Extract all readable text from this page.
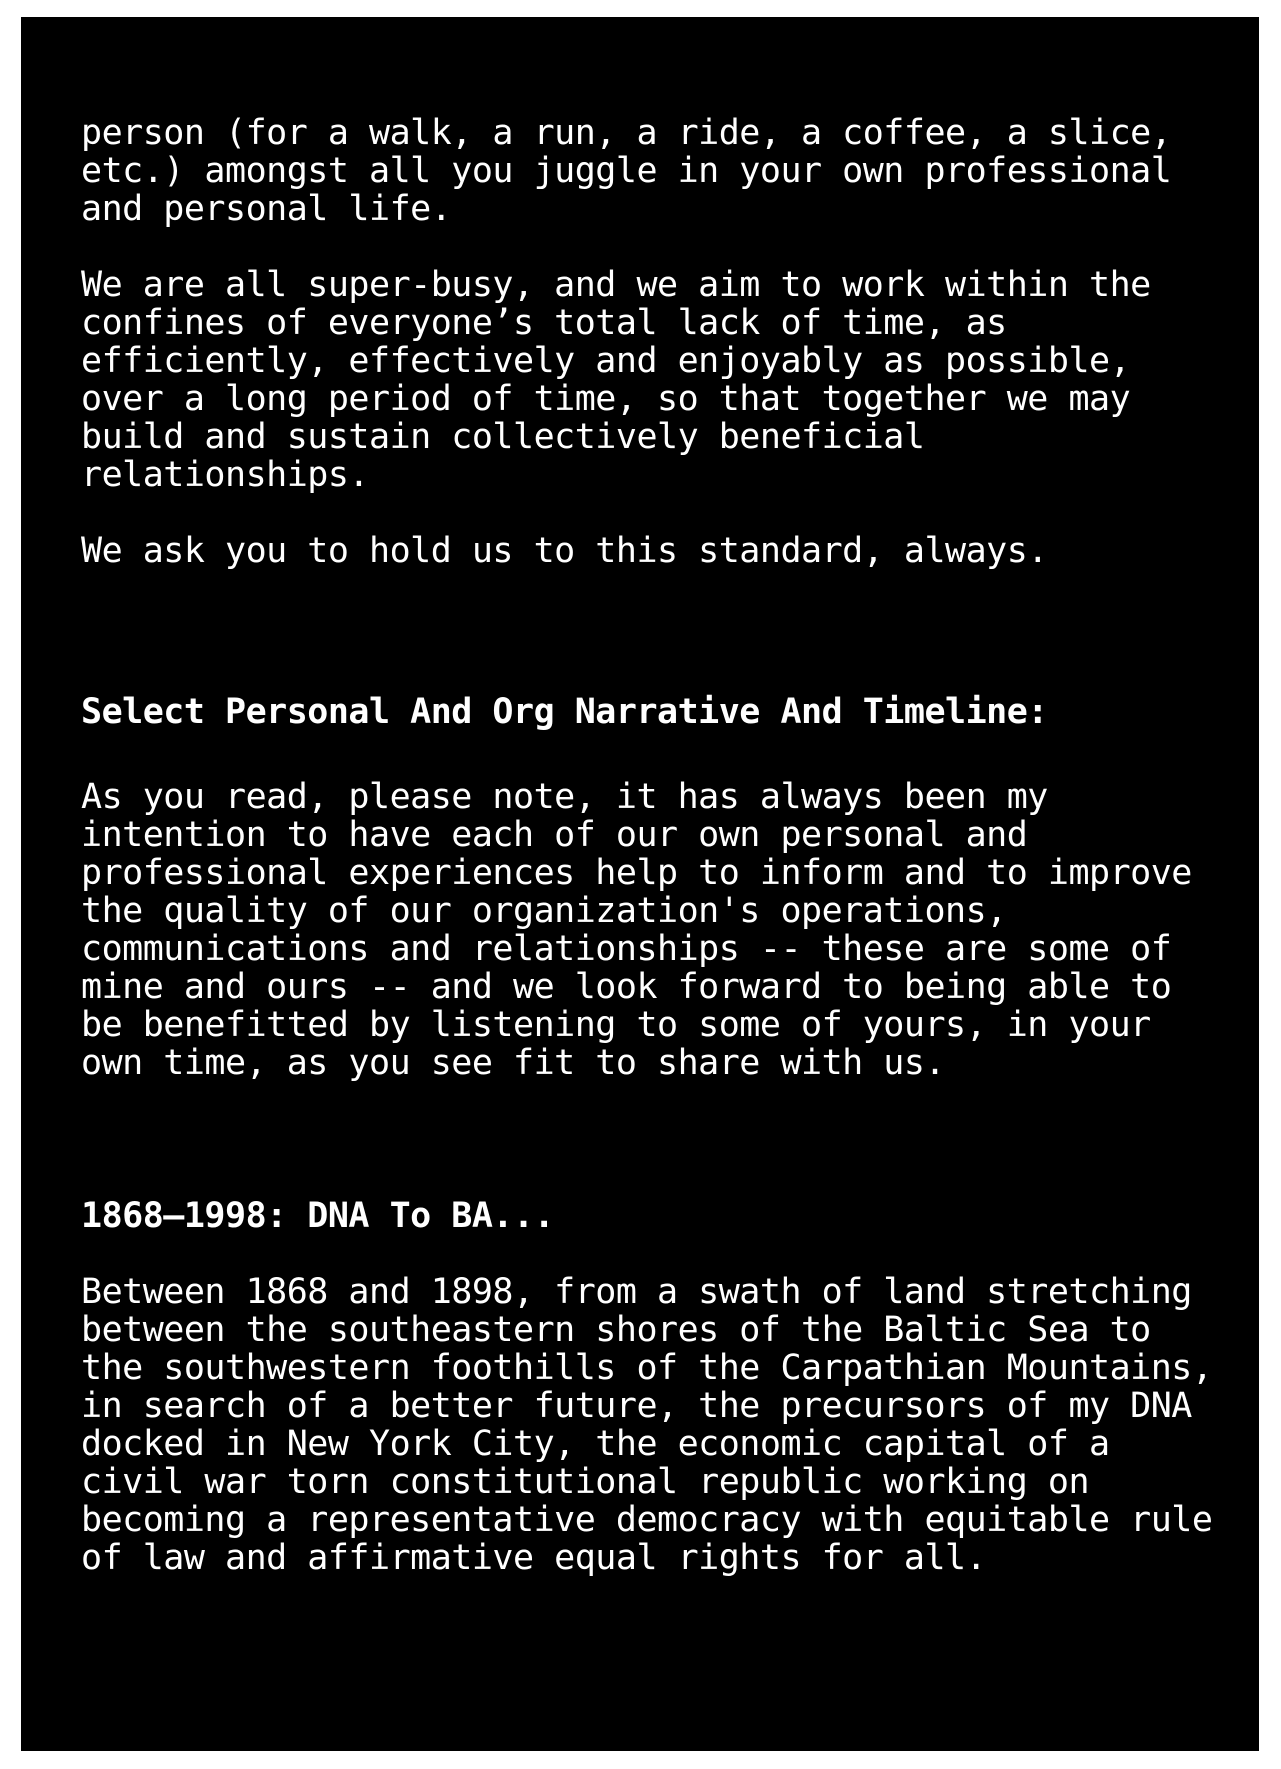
person (for a walk, a run, a ride, a coffee, a slice,
etc.) amongst all you juggle in your own professional
and personal life.

We are all super-busy, and we aim to work within the
confines of everyone’s total lack of time, as
efficiently, effectively and enjoyably as possible,
over a long period of time, so that together we may
build and sustain collectively beneficial
relationships.

We ask you to hold us to this standard, always.

Select Personal And Org Narrative And Timeline:

As you read, please note, it has always been my
intention to have each of our own personal and
professional experiences help to inform and to improve
the quality of our organization's operations,
communications and relationships -- these are some of
mine and ours -- and we look forward to being able to
be benefitted by listening to some of yours, in your
own time, as you see fit to share with us.

1868–1998: DNA To BA...

Between 1868 and 1898, from a swath of land stretching
between the southeastern shores of the Baltic Sea to
the southwestern foothills of the Carpathian Mountains,
in search of a better future, the precursors of my DNA
docked in New York City, the economic capital of a
civil war torn constitutional republic working on
becoming a representative democracy with equitable rule
of law and affirmative equal rights for all.
